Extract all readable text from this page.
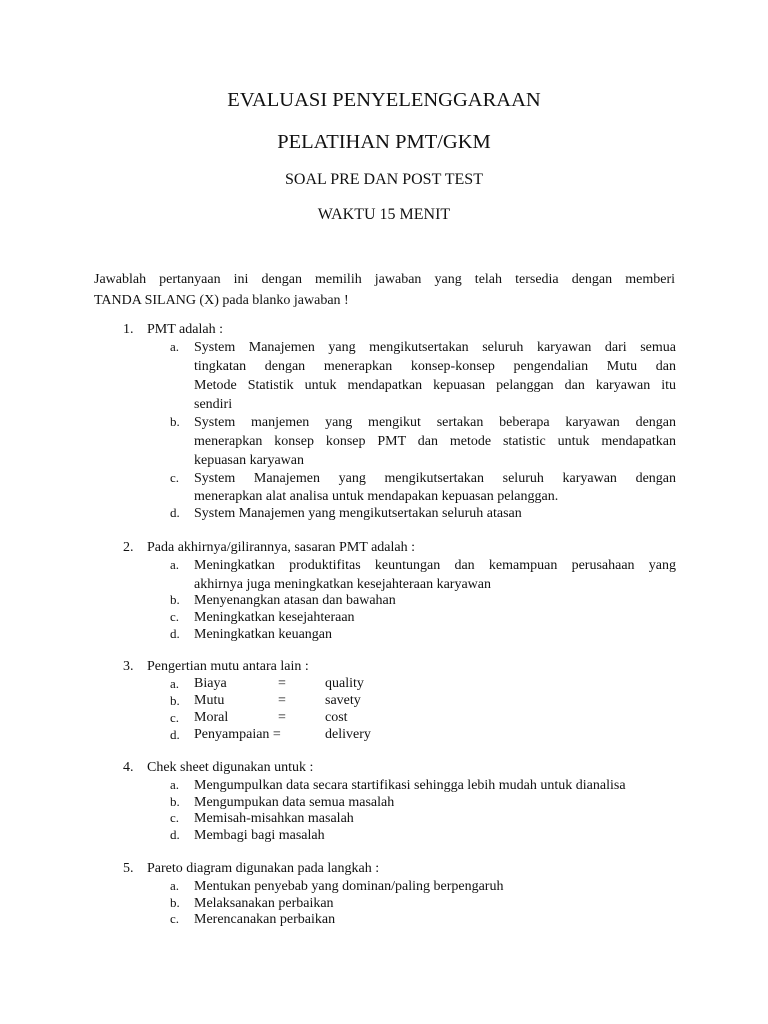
EVALUASI PENYELENGGARAAN
PELATIHAN PMT/GKM
SOAL PRE DAN POST TEST
WAKTU 15 MENIT
Jawablah pertanyaan ini dengan memilih jawaban yang telah tersedia dengan memberi
TANDA SILANG (X) pada blanko jawaban !
1. PMT adalah :
a. System Manajemen yang mengikutsertakan seluruh karyawan dari semua
tingkatan dengan menerapkan konsep-konsep pengendalian Mutu dan
Metode Statistik untuk mendapatkan kepuasan pelanggan dan karyawan itu
sendiri
b. System manjemen yang mengikut sertakan beberapa karyawan dengan
menerapkan konsep konsep PMT dan metode statistic untuk mendapatkan
kepuasan karyawan
c. System Manajemen yang mengikutsertakan seluruh karyawan dengan
menerapkan alat analisa untuk mendapakan kepuasan pelanggan.
d. System Manajemen yang mengikutsertakan seluruh atasan
2. Pada akhirnya/gilirannya, sasaran PMT adalah :
a. Meningkatkan produktifitas keuntungan dan kemampuan perusahaan yang
akhirnya juga meningkatkan kesejahteraan karyawan
b. Menyenangkan atasan dan bawahan
c. Meningkatkan kesejahteraan
d. Meningkatkan keuangan
3. Pengertian mutu antara lain :
a. Biaya	=	quality
b. Mutu	=	savety
c. Moral	=	cost
d. Penyampaian =	delivery
4. Chek sheet digunakan untuk :
a. Mengumpulkan data secara startifikasi sehingga lebih mudah untuk dianalisa
b. Mengumpukan data semua masalah
c. Memisah-misahkan masalah
d. Membagi bagi masalah
5. Pareto diagram digunakan pada langkah :
a. Mentukan penyebab yang dominan/paling berpengaruh
b. Melaksanakan perbaikan
c. Merencanakan perbaikan
